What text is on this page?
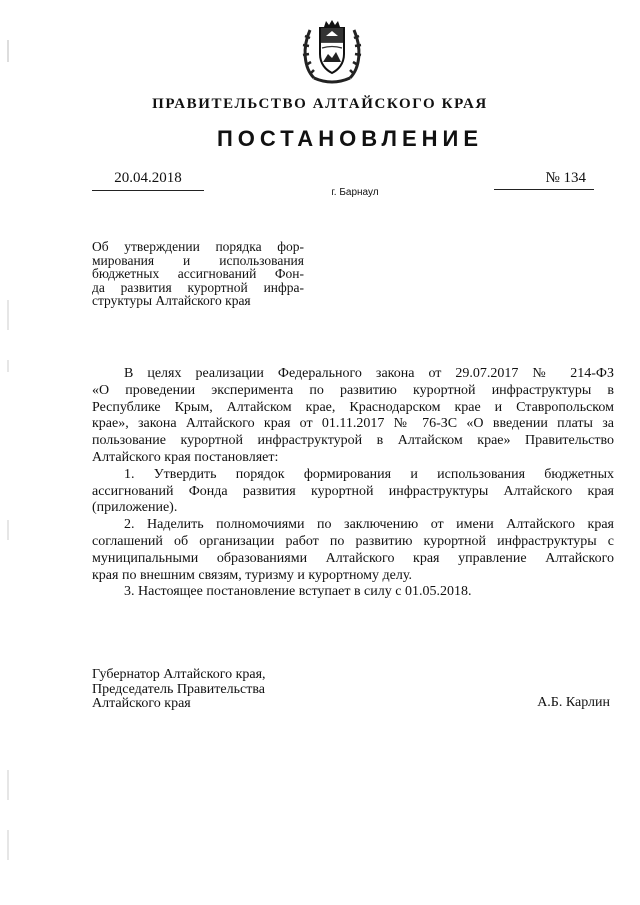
ПРАВИТЕЛЬСТВО АЛТАЙСКОГО КРАЯ
ПОСТАНОВЛЕНИЕ
20.04.2018	№ 134
г. Барнаул
Об утверждении порядка фор-
мирования и использования
бюджетных ассигнований Фон-
да развития курортной инфра-
структуры Алтайского края
В целях реализации Федерального закона от 29.07.2017 № 214-ФЗ
«О проведении эксперимента по развитию курортной инфраструктуры в
Республике Крым, Алтайском крае, Краснодарском крае и Ставропольском
крае», закона Алтайского края от 01.11.2017 № 76-ЗС «О введении платы за
пользование курортной инфраструктурой в Алтайском крае» Правительство
Алтайского края постановляет:
1. Утвердить порядок формирования и использования бюджетных
ассигнований Фонда развития курортной инфраструктуры Алтайского края
(приложение).
2. Наделить полномочиями по заключению от имени Алтайского края
соглашений об организации работ по развитию курортной инфраструктуры с
муниципальными образованиями Алтайского края управление Алтайского
края по внешним связям, туризму и курортному делу.
3. Настоящее постановление вступает в силу с 01.05.2018.
Губернатор Алтайского края,
Председатель Правительства
Алтайского края	А.Б. Карлин
